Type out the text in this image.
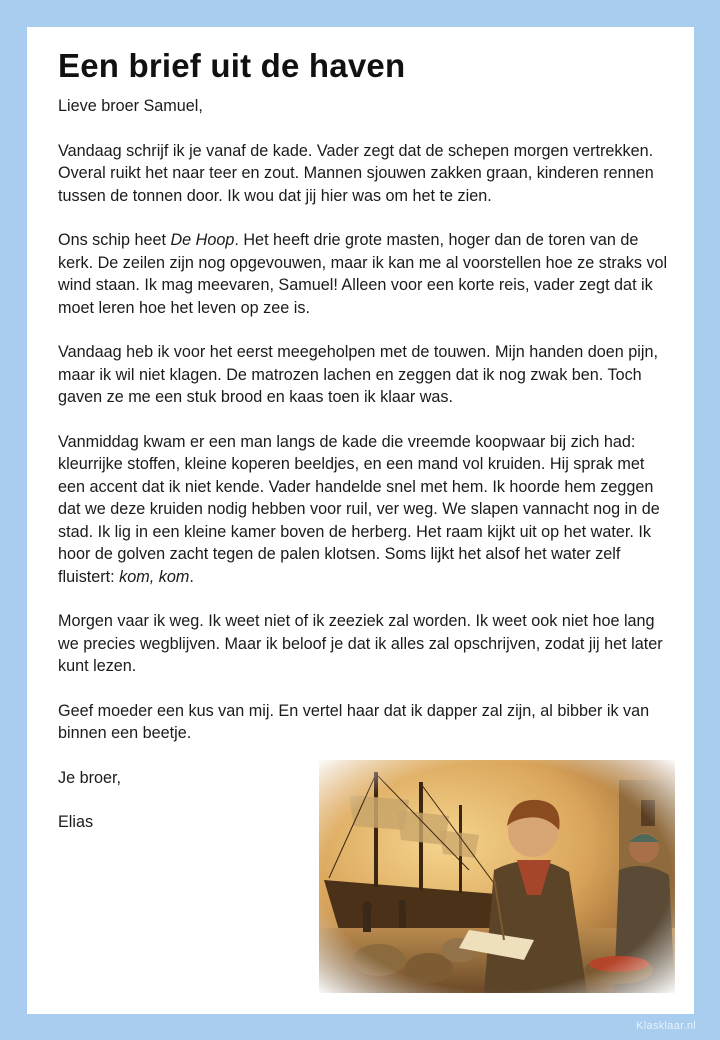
Een brief uit de haven

Lieve broer Samuel,

Vandaag schrijf ik je vanaf de kade. Vader zegt dat de schepen morgen vertrekken. Overal ruikt het naar teer en zout. Mannen sjouwen zakken graan, kinderen rennen tussen de tonnen door. Ik wou dat jij hier was om het te zien.

Ons schip heet De Hoop. Het heeft drie grote masten, hoger dan de toren van de kerk. De zeilen zijn nog opgevouwen, maar ik kan me al voorstellen hoe ze straks vol wind staan. Ik mag meevaren, Samuel! Alleen voor een korte reis, vader zegt dat ik moet leren hoe het leven op zee is.

Vandaag heb ik voor het eerst meegeholpen met de touwen. Mijn handen doen pijn, maar ik wil niet klagen. De matrozen lachen en zeggen dat ik nog zwak ben. Toch gaven ze me een stuk brood en kaas toen ik klaar was.

Vanmiddag kwam er een man langs de kade die vreemde koopwaar bij zich had: kleurrijke stoffen, kleine koperen beeldjes, en een mand vol kruiden. Hij sprak met een accent dat ik niet kende. Vader handelde snel met hem. Ik hoorde hem zeggen dat we deze kruiden nodig hebben voor ruil, ver weg. We slapen vannacht nog in de stad. Ik lig in een kleine kamer boven de herberg. Het raam kijkt uit op het water. Ik hoor de golven zacht tegen de palen klotsen. Soms lijkt het alsof het water zelf fluistert: kom, kom.

Morgen vaar ik weg. Ik weet niet of ik zeeziek zal worden. Ik weet ook niet hoe lang we precies wegblijven. Maar ik beloof je dat ik alles zal opschrijven, zodat jij het later kunt lezen.

Geef moeder een kus van mij. En vertel haar dat ik dapper zal zijn, al bibber ik van binnen een beetje.

Je broer,

Elias

Klasklaar.nl
